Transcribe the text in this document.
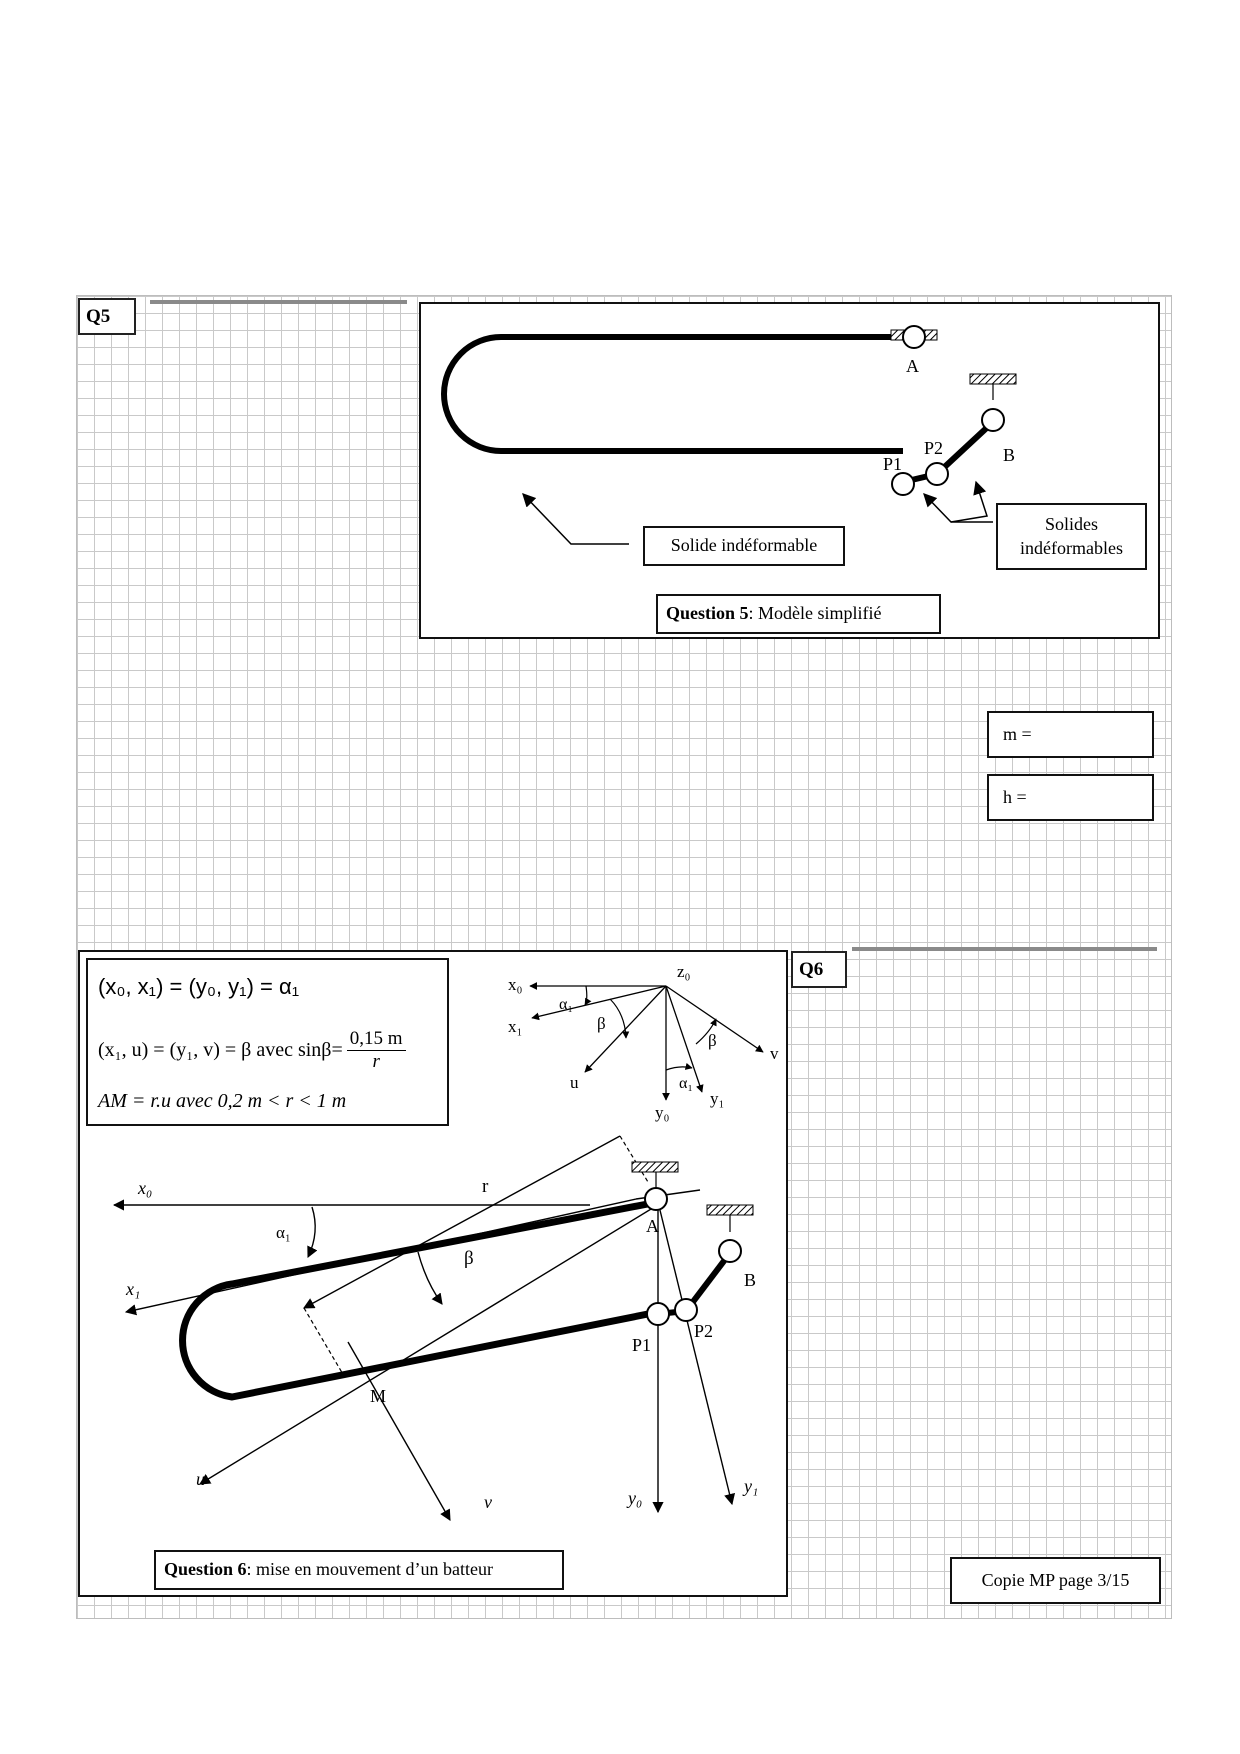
Q5
A
P1
P2	B
Solide indéformable
Solides
indéformables
Question 5 : Modèle simplifié
m =
h =
Q6
(x₀, x₁) = (y₀, y₁) = α₁
(x₁, u) = (y₁, v) = β avec $\sin\beta= \frac{0,15 m}{r}$
AM = r.u avec 0,2 m < r < 1 m
x₀
x₁
α₁
β
z₀
u	α₁
y₀
y₁
β
v
x₀
α₁
x₁
r
β
A
B
P1
P2
M
u
v	y₀
y₁
Question 6 : mise en mouvement d’un batteur
Copie MP page 3/15
